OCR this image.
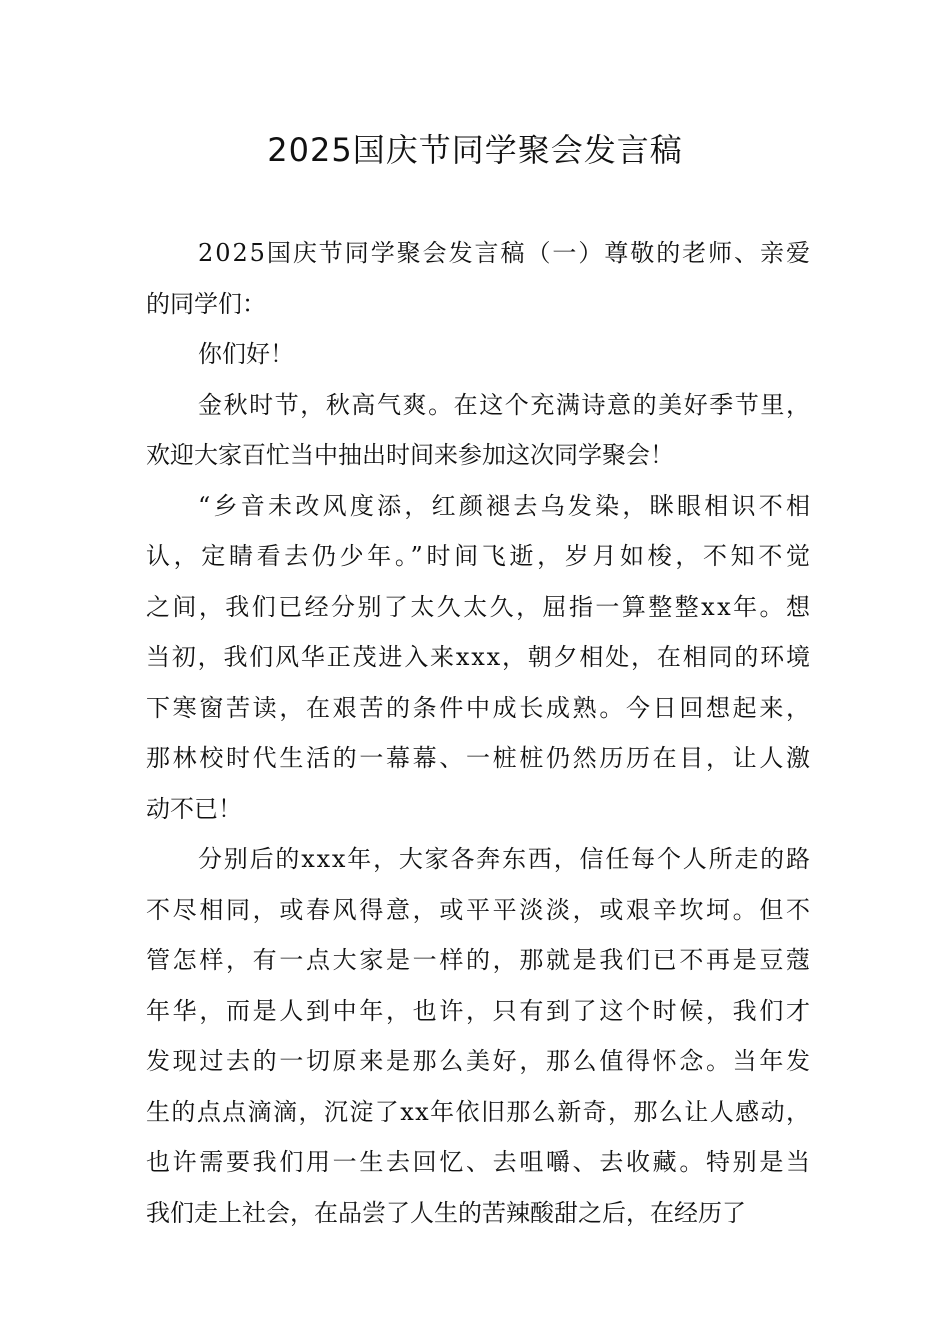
2025国庆节同学聚会发言稿
2025国庆节同学聚会发言稿（一）尊敬的老师、亲爱
的同学们：
你们好！
金秋时节，秋高气爽。在这个充满诗意的美好季节里，
欢迎大家百忙当中抽出时间来参加这次同学聚会！
“乡音未改风度添，红颜褪去乌发染，眯眼相识不相
认，定睛看去仍少年。”时间飞逝，岁月如梭，不知不觉
之间，我们已经分别了太久太久，屈指一算整整xx年。想
当初，我们风华正茂进入来xxx，朝夕相处，在相同的环境
下寒窗苦读，在艰苦的条件中成长成熟。今日回想起来，
那林校时代生活的一幕幕、一桩桩仍然历历在目，让人激
动不已！
分别后的xxx年，大家各奔东西，信任每个人所走的路
不尽相同，或春风得意，或平平淡淡，或艰辛坎坷。但不
管怎样，有一点大家是一样的，那就是我们已不再是豆蔻
年华，而是人到中年，也许，只有到了这个时候，我们才
发现过去的一切原来是那么美好，那么值得怀念。当年发
生的点点滴滴，沉淀了xx年依旧那么新奇，那么让人感动，
也许需要我们用一生去回忆、去咀嚼、去收藏。特别是当
我们走上社会，在品尝了人生的苦辣酸甜之后，在经历了
